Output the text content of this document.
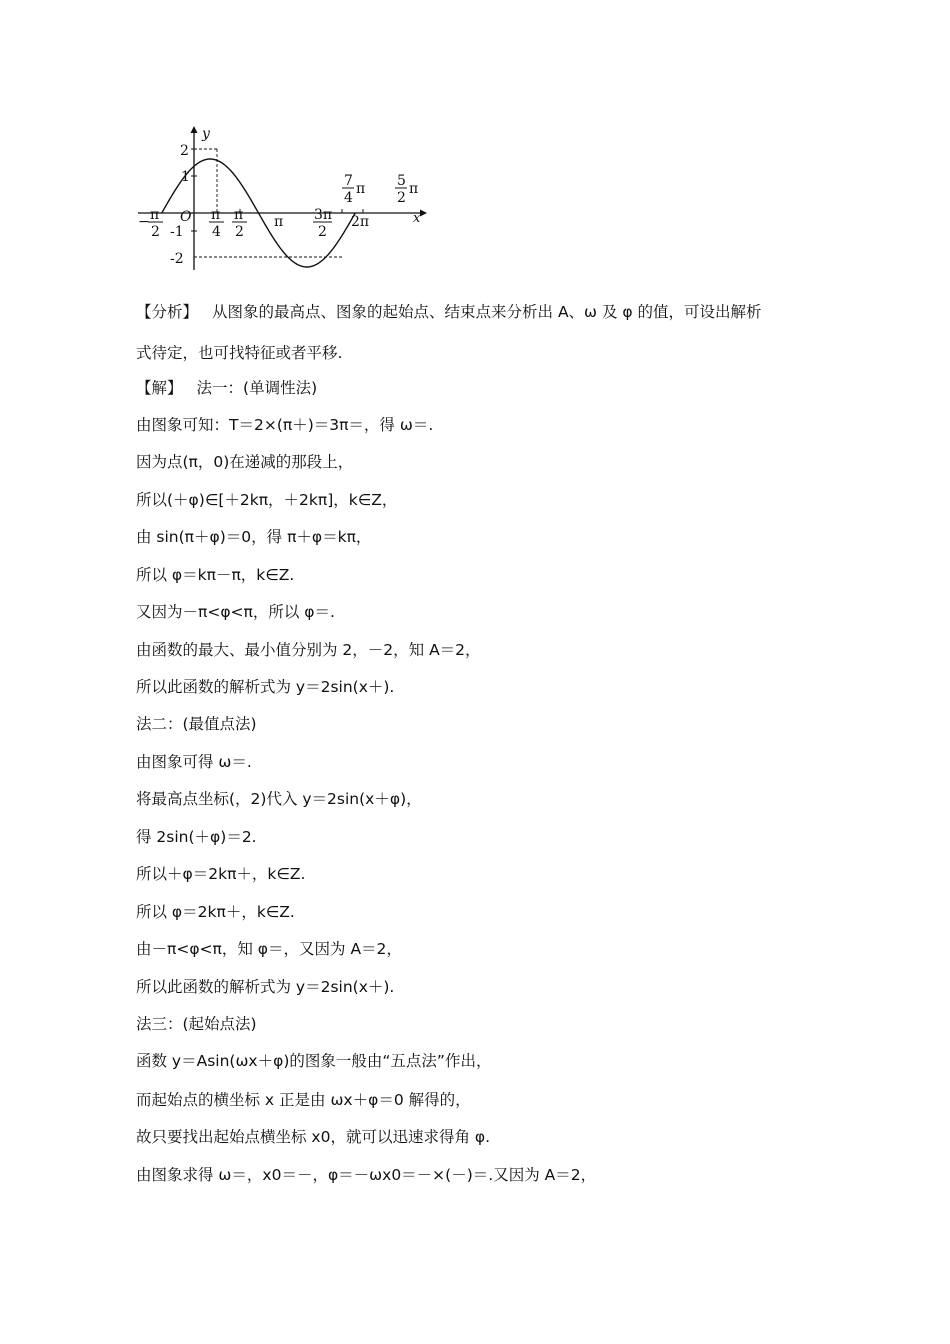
y
x
O
2
1
-1
-2
− π
2
π
4
π
2
π 3π
2
2π
7
4
π 5
2
π
【分析】 从图象的最高点、图象的起始点、结束点来分析出 A、ω 及 φ 的值，可设出解析
式待定，也可找特征或者平移.
【解】 法一：(单调性法)
由图象可知：T＝2×(π＋)＝3π＝，得 ω＝.
因为点(π，0)在递减的那段上，
所以(＋φ)∈[＋2kπ，＋2kπ]，k∈Z，
由 sin(π＋φ)＝0，得 π＋φ＝kπ，
所以 φ＝kπ－π，k∈Z.
又因为－π<φ<π，所以 φ＝.
由函数的最大、最小值分别为 2，－2，知 A＝2，
所以此函数的解析式为 y＝2sin(x＋).
法二：(最值点法)
由图象可得 ω＝.
将最高点坐标(，2)代入 y＝2sin(x＋φ)，
得 2sin(＋φ)＝2.
所以＋φ＝2kπ＋，k∈Z.
所以 φ＝2kπ＋，k∈Z.
由－π<φ<π，知 φ＝，又因为 A＝2，
所以此函数的解析式为 y＝2sin(x＋).
法三：(起始点法)
函数 y＝Asin(ωx＋φ)的图象一般由“五点法”作出，
而起始点的横坐标 x 正是由 ωx＋φ＝0 解得的，
故只要找出起始点横坐标 x0，就可以迅速求得角 φ.
由图象求得 ω＝，x0＝－，φ＝－ωx0＝－×(－)＝.又因为 A＝2，
